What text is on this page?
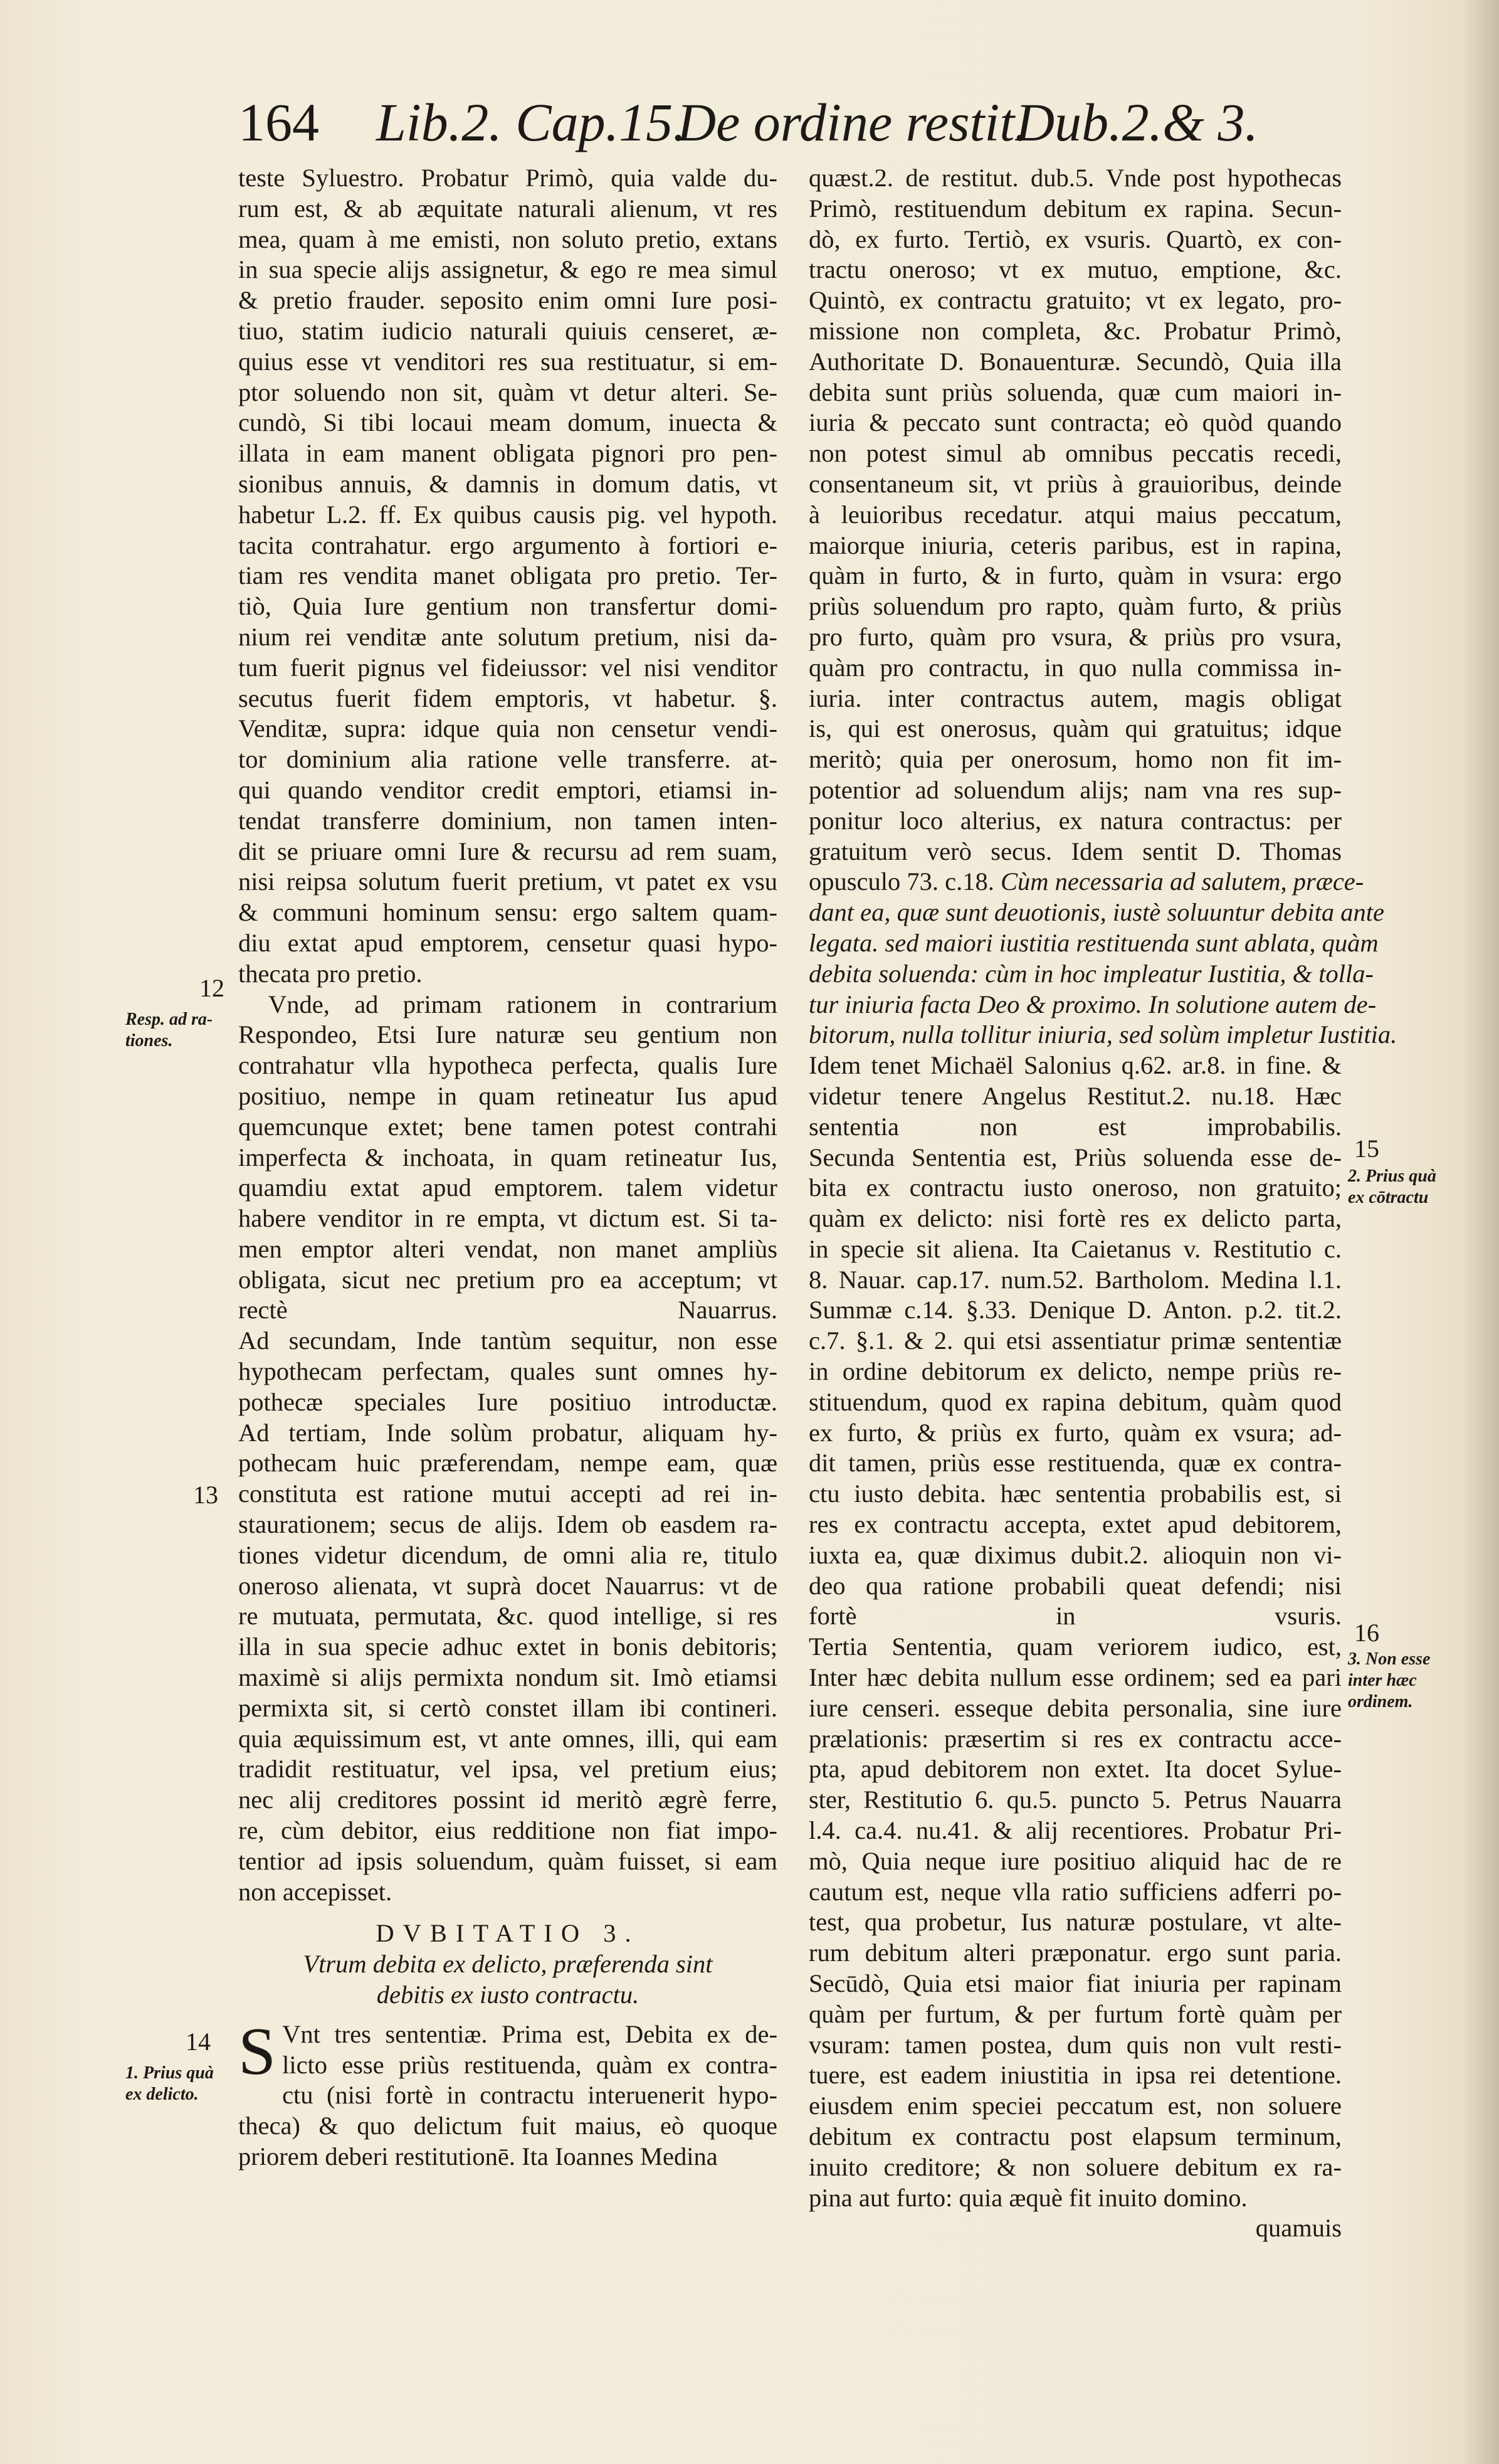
164 Lib.2. Cap.15.
De ordine restit.
Dub.2.& 3.

teste Syluestro. Probatur Primò, quia valde du-

rum est, & ab æquitate naturali alienum, vt res

mea, quam à me emisti, non soluto pretio, extans

in sua specie alijs assignetur, & ego re mea simul

& pretio frauder. seposito enim omni Iure posi-

tiuo, statim iudicio naturali quiuis censeret, æ-

quius esse vt venditori res sua restituatur, si em-

ptor soluendo non sit, quàm vt detur alteri. Se-

cundò, Si tibi locaui meam domum, inuecta &

illata in eam manent obligata pignori pro pen-

sionibus annuis, & damnis in domum datis, vt

habetur L.2. ff. Ex quibus causis pig. vel hypoth.

tacita contrahatur. ergo argumento à fortiori e-

tiam res vendita manet obligata pro pretio. Ter-

tiò, Quia Iure gentium non transfertur domi-

nium rei venditæ ante solutum pretium, nisi da-

tum fuerit pignus vel fideiussor: vel nisi venditor

secutus fuerit fidem emptoris, vt habetur. §.

Venditæ, supra: idque quia non censetur vendi-

tor dominium alia ratione velle transferre. at-

qui quando venditor credit emptori, etiamsi in-

tendat transferre dominium, non tamen inten-

dit se priuare omni Iure & recursu ad rem suam,

nisi reipsa solutum fuerit pretium, vt patet ex vsu

& communi hominum sensu: ergo saltem quam-

diu extat apud emptorem, censetur quasi hypo-

thecata pro pretio.

Vnde, ad primam rationem in contrarium

Respondeo, Etsi Iure naturæ seu gentium non

contrahatur vlla hypotheca perfecta, qualis Iure

positiuo, nempe in quam retineatur Ius apud

quemcunque extet; bene tamen potest contrahi

imperfecta & inchoata, in quam retineatur Ius,

quamdiu extat apud emptorem. talem videtur

habere venditor in re empta, vt dictum est. Si ta-

men emptor alteri vendat, non manet ampliùs

obligata, sicut nec pretium pro ea acceptum; vt

rectè Nauarrus.

Ad secundam, Inde tantùm sequitur, non esse

hypothecam perfectam, quales sunt omnes hy-

pothecæ speciales Iure positiuo introductæ.

Ad tertiam, Inde solùm probatur, aliquam hy-

pothecam huic præferendam, nempe eam, quæ

constituta est ratione mutui accepti ad rei in-

staurationem; secus de alijs. Idem ob easdem ra-

tiones videtur dicendum, de omni alia re, titulo

oneroso alienata, vt suprà docet Nauarrus: vt de

re mutuata, permutata, &c. quod intellige, si res

illa in sua specie adhuc extet in bonis debitoris;

maximè si alijs permixta nondum sit. Imò etiamsi

permixta sit, si certò constet illam ibi contineri.

quia æquissimum est, vt ante omnes, illi, qui eam

tradidit restituatur, vel ipsa, vel pretium eius;

nec alij creditores possint id meritò ægrè ferre,

re, cùm debitor, eius redditione non fiat impo-

tentior ad ipsis soluendum, quàm fuisset, si eam

non accepisset.

DVBITATIO 3.

Vtrum debita ex delicto, præferenda sint

debitis ex iusto contractu.

S Vnt tres sententiæ. Prima est, Debita ex de-

licto esse priùs restituenda, quàm ex contra-

ctu (nisi fortè in contractu interuenerit hypo-

theca) & quo delictum fuit maius, eò quoque

priorem deberi restitutionē. Ita Ioannes Medina

12
Resp. ad ra-
tiones.
13
14
1. Prius quà
ex delicto.

quæst.2. de restitut. dub.5. Vnde post hypothecas

Primò, restituendum debitum ex rapina. Secun-

dò, ex furto. Tertiò, ex vsuris. Quartò, ex con-

tractu oneroso; vt ex mutuo, emptione, &c.

Quintò, ex contractu gratuito; vt ex legato, pro-

missione non completa, &c. Probatur Primò,

Authoritate D. Bonauenturæ. Secundò, Quia illa

debita sunt priùs soluenda, quæ cum maiori in-

iuria & peccato sunt contracta; eò quòd quando

non potest simul ab omnibus peccatis recedi,

consentaneum sit, vt priùs à grauioribus, deinde

à leuioribus recedatur. atqui maius peccatum,

maiorque iniuria, ceteris paribus, est in rapina,

quàm in furto, & in furto, quàm in vsura: ergo

priùs soluendum pro rapto, quàm furto, & priùs

pro furto, quàm pro vsura, & priùs pro vsura,

quàm pro contractu, in quo nulla commissa in-

iuria. inter contractus autem, magis obligat

is, qui est onerosus, quàm qui gratuitus; idque

meritò; quia per onerosum, homo non fit im-

potentior ad soluendum alijs; nam vna res sup-

ponitur loco alterius, ex natura contractus: per

gratuitum verò secus. Idem sentit D. Thomas

opusculo 73. c.18. Cùm necessaria ad salutem, præce-

dant ea, quæ sunt deuotionis, iustè soluuntur debita ante

legata. sed maiori iustitia restituenda sunt ablata, quàm

debita soluenda: cùm in hoc impleatur Iustitia, & tolla-

tur iniuria facta Deo & proximo. In solutione autem de-

bitorum, nulla tollitur iniuria, sed solùm impletur Iustitia.

Idem tenet Michaël Salonius q.62. ar.8. in fine. &

videtur tenere Angelus Restitut.2. nu.18. Hæc

sententia non est improbabilis.

Secunda Sententia est, Priùs soluenda esse de-

bita ex contractu iusto oneroso, non gratuito;

quàm ex delicto: nisi fortè res ex delicto parta,

in specie sit aliena. Ita Caietanus v. Restitutio c.

8. Nauar. cap.17. num.52. Bartholom. Medina l.1.

Summæ c.14. §.33. Denique D. Anton. p.2. tit.2.

c.7. §.1. & 2. qui etsi assentiatur primæ sententiæ

in ordine debitorum ex delicto, nempe priùs re-

stituendum, quod ex rapina debitum, quàm quod

ex furto, & priùs ex furto, quàm ex vsura; ad-

dit tamen, priùs esse restituenda, quæ ex contra-

ctu iusto debita. hæc sententia probabilis est, si

res ex contractu accepta, extet apud debitorem,

iuxta ea, quæ diximus dubit.2. alioquin non vi-

deo qua ratione probabili queat defendi; nisi

fortè in vsuris.

Tertia Sententia, quam veriorem iudico, est,

Inter hæc debita nullum esse ordinem; sed ea pari

iure censeri. esseque debita personalia, sine iure

prælationis: præsertim si res ex contractu acce-

pta, apud debitorem non extet. Ita docet Sylue-

ster, Restitutio 6. qu.5. puncto 5. Petrus Nauarra

l.4. ca.4. nu.41. & alij recentiores. Probatur Pri-

mò, Quia neque iure positiuo aliquid hac de re

cautum est, neque vlla ratio sufficiens adferri po-

test, qua probetur, Ius naturæ postulare, vt alte-

rum debitum alteri præponatur. ergo sunt paria.

Secūdò, Quia etsi maior fiat iniuria per rapinam

quàm per furtum, & per furtum fortè quàm per

vsuram: tamen postea, dum quis non vult resti-

tuere, est eadem iniustitia in ipsa rei detentione.

eiusdem enim speciei peccatum est, non soluere

debitum ex contractu post elapsum terminum,

inuito creditore; & non soluere debitum ex ra-

pina aut furto: quia æquè fit inuito domino.

quamuis

15
2. Prius quà
ex cōtractu
16
3. Non esse
inter hæc
ordinem.
